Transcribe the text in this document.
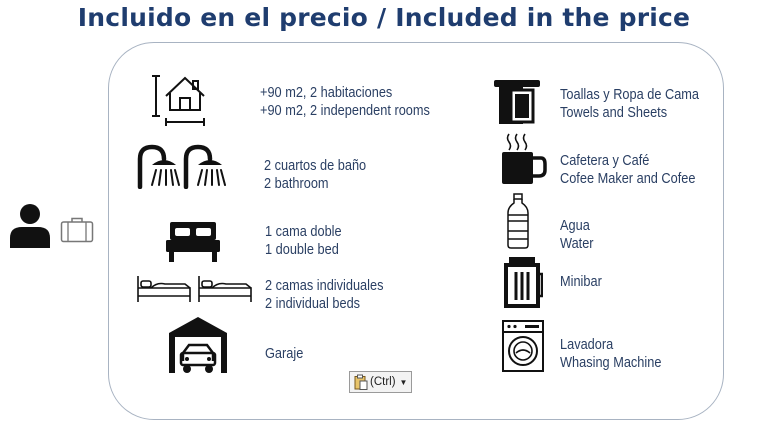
Incluido en el precio / Included in the price
+90 m2, 2 habitaciones
+90 m2, 2 independent rooms
2 cuartos de baño
2 bathroom
1 cama doble
1 double bed
2 camas individuales
2 individual beds
Garaje
Toallas y Ropa de Cama
Towels and Sheets
Cafetera y Café
Cofee Maker and Cofee
Agua
Water
Minibar
Lavadora
Whasing Machine
(Ctrl) ▼
